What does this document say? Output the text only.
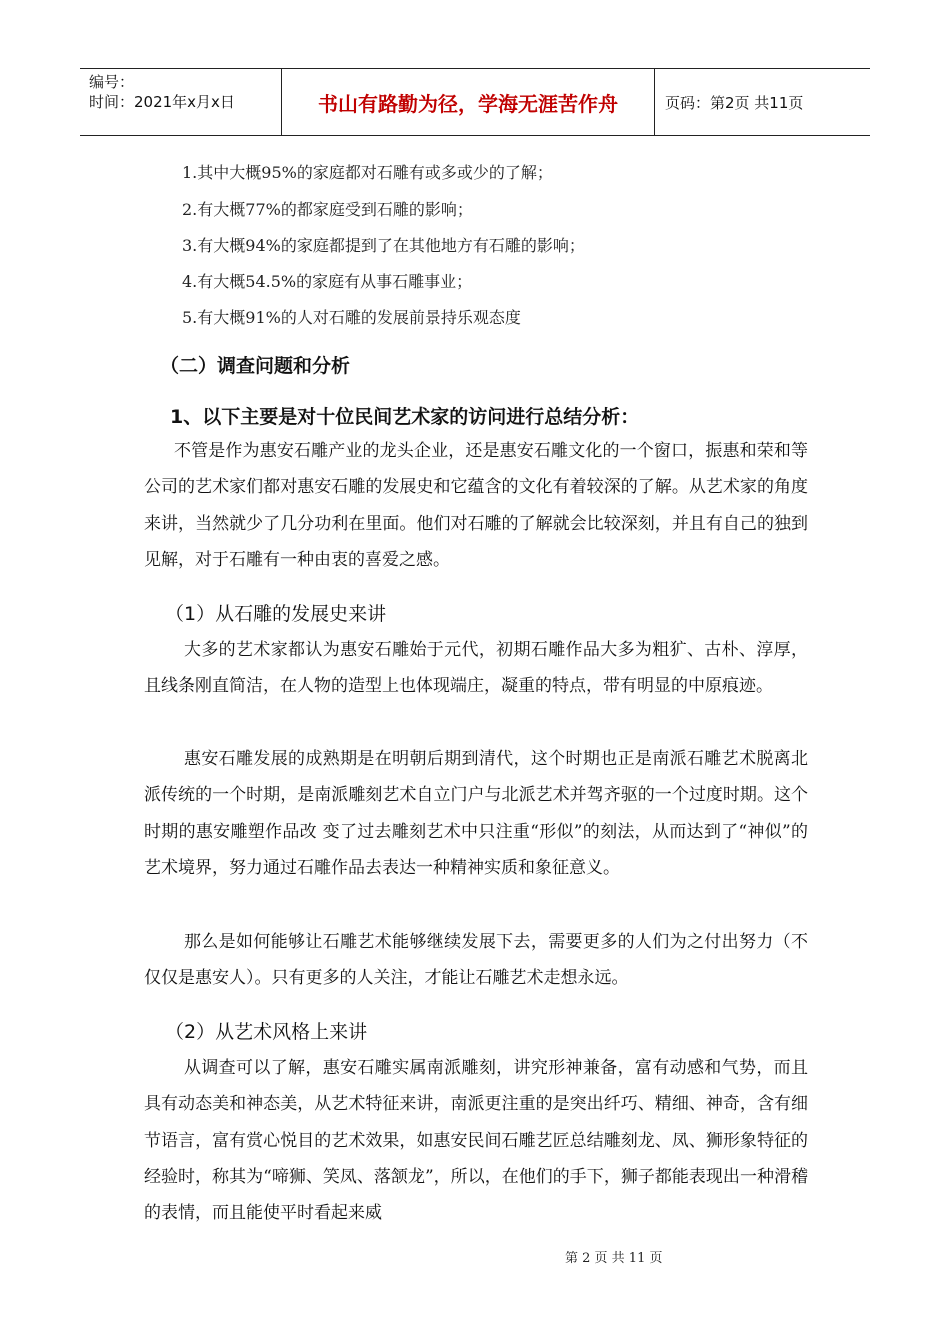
编号：
时间：2021年x月x日	书山有路勤为径，学海无涯苦作舟	页码：第2页 共11页
1.其中大概95%的家庭都对石雕有或多或少的了解；
2.有大概77%的都家庭受到石雕的影响；
3.有大概94%的家庭都提到了在其他地方有石雕的影响；
4.有大概54.5%的家庭有从事石雕事业；
5.有大概91%的人对石雕的发展前景持乐观态度
（二）调查问题和分析
1、以下主要是对十位民间艺术家的访问进行总结分析：
不管是作为惠安石雕产业的龙头企业，还是惠安石雕文化的一个窗口，振惠和荣和等公司的艺术家们都对惠安石雕的发展史和它蕴含的文化有着较深的了解。从艺术家的角度来讲，当然就少了几分功利在里面。他们对石雕的了解就会比较深刻，并且有自己的独到见解，对于石雕有一种由衷的喜爱之感。
（1）从石雕的发展史来讲
大多的艺术家都认为惠安石雕始于元代，初期石雕作品大多为粗犷、古朴、淳厚，且线条刚直简洁，在人物的造型上也体现端庄，凝重的特点，带有明显的中原痕迹。
惠安石雕发展的成熟期是在明朝后期到清代，这个时期也正是南派石雕艺术脱离北派传统的一个时期，是南派雕刻艺术自立门户与北派艺术并驾齐驱的一个过度时期。这个时期的惠安雕塑作品改 变了过去雕刻艺术中只注重“形似”的刻法，从而达到了“神似”的艺术境界，努力通过石雕作品去表达一种精神实质和象征意义。
那么是如何能够让石雕艺术能够继续发展下去，需要更多的人们为之付出努力（不仅仅是惠安人）。只有更多的人关注，才能让石雕艺术走想永远。
（2）从艺术风格上来讲
从调查可以了解，惠安石雕实属南派雕刻，讲究形神兼备，富有动感和气势，而且具有动态美和神态美，从艺术特征来讲，南派更注重的是突出纤巧、精细、神奇，含有细节语言，富有赏心悦目的艺术效果，如惠安民间石雕艺匠总结雕刻龙、凤、狮形象特征的经验时，称其为“啼狮、笑凤、落颔龙”，所以，在他们的手下，狮子都能表现出一种滑稽的表情，而且能使平时看起来威
第 2 页 共 11 页
